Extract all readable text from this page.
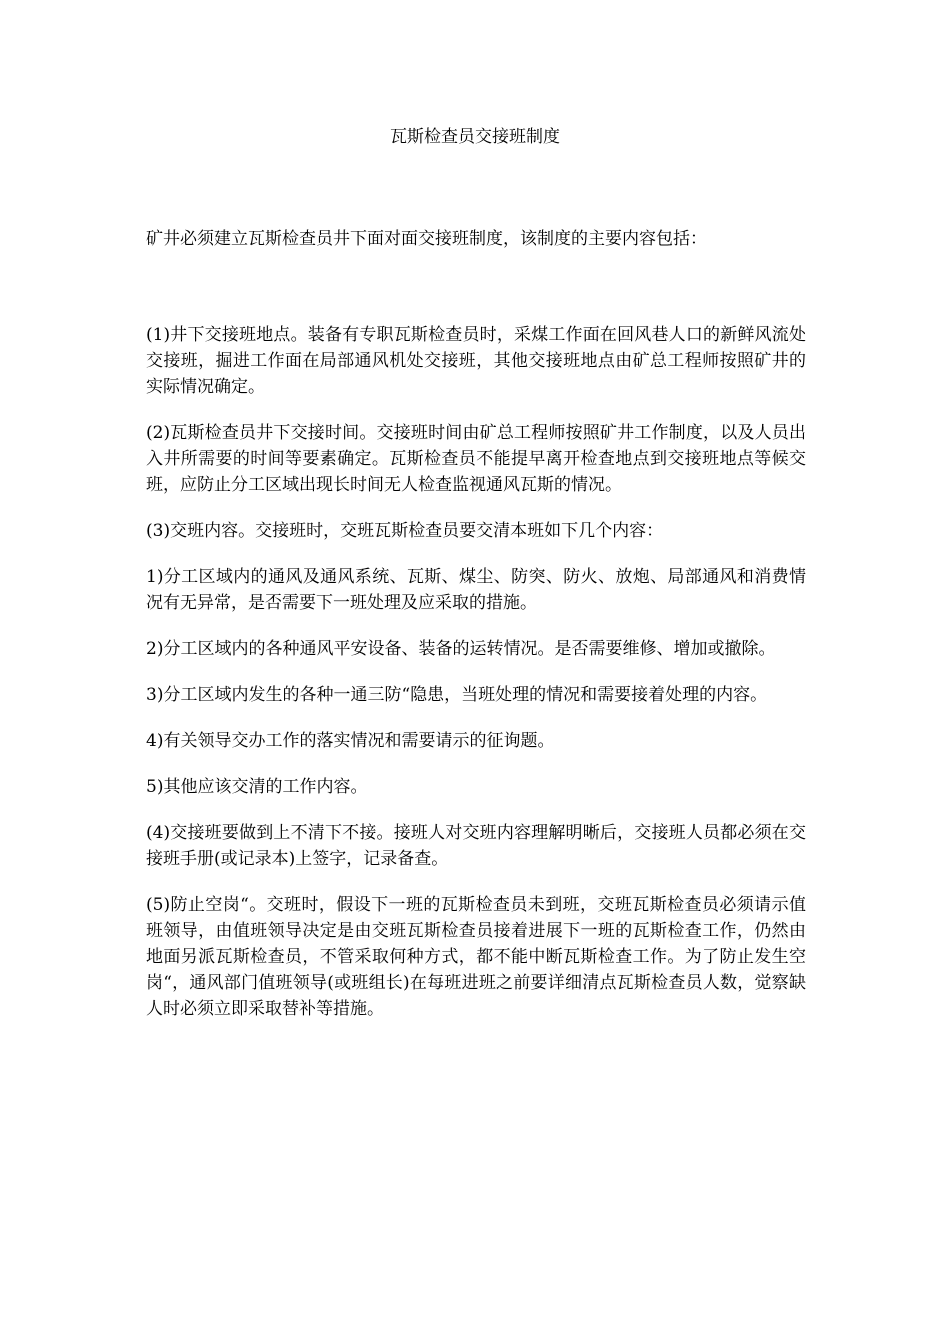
瓦斯检查员交接班制度

矿井必须建立瓦斯检查员井下面对面交接班制度，该制度的主要内容包括：

(1)井下交接班地点。装备有专职瓦斯检查员时，采煤工作面在回风巷人口的新鲜风流处交接班，掘进工作面在局部通风机处交接班，其他交接班地点由矿总工程师按照矿井的实际情况确定。

(2)瓦斯检查员井下交接时间。交接班时间由矿总工程师按照矿井工作制度，以及人员出入井所需要的时间等要素确定。瓦斯检查员不能提早离开检查地点到交接班地点等候交班，应防止分工区域出现长时间无人检查监视通风瓦斯的情况。

(3)交班内容。交接班时，交班瓦斯检查员要交清本班如下几个内容：

1)分工区域内的通风及通风系统、瓦斯、煤尘、防突、防火、放炮、局部通风和消费情况有无异常，是否需要下一班处理及应采取的措施。

2)分工区域内的各种通风平安设备、装备的运转情况。是否需要维修、增加或撤除。

3)分工区域内发生的各种一通三防“隐患，当班处理的情况和需要接着处理的内容。

4)有关领导交办工作的落实情况和需要请示的征询题。

5)其他应该交清的工作内容。

(4)交接班要做到上不清下不接。接班人对交班内容理解明晰后，交接班人员都必须在交接班手册(或记录本)上签字，记录备查。

(5)防止空岗“。交班时，假设下一班的瓦斯检查员未到班，交班瓦斯检查员必须请示值班领导，由值班领导决定是由交班瓦斯检查员接着进展下一班的瓦斯检查工作，仍然由地面另派瓦斯检查员，不管采取何种方式，都不能中断瓦斯检查工作。为了防止发生空岗“，通风部门值班领导(或班组长)在每班进班之前要详细清点瓦斯检查员人数，觉察缺人时必须立即采取替补等措施。
